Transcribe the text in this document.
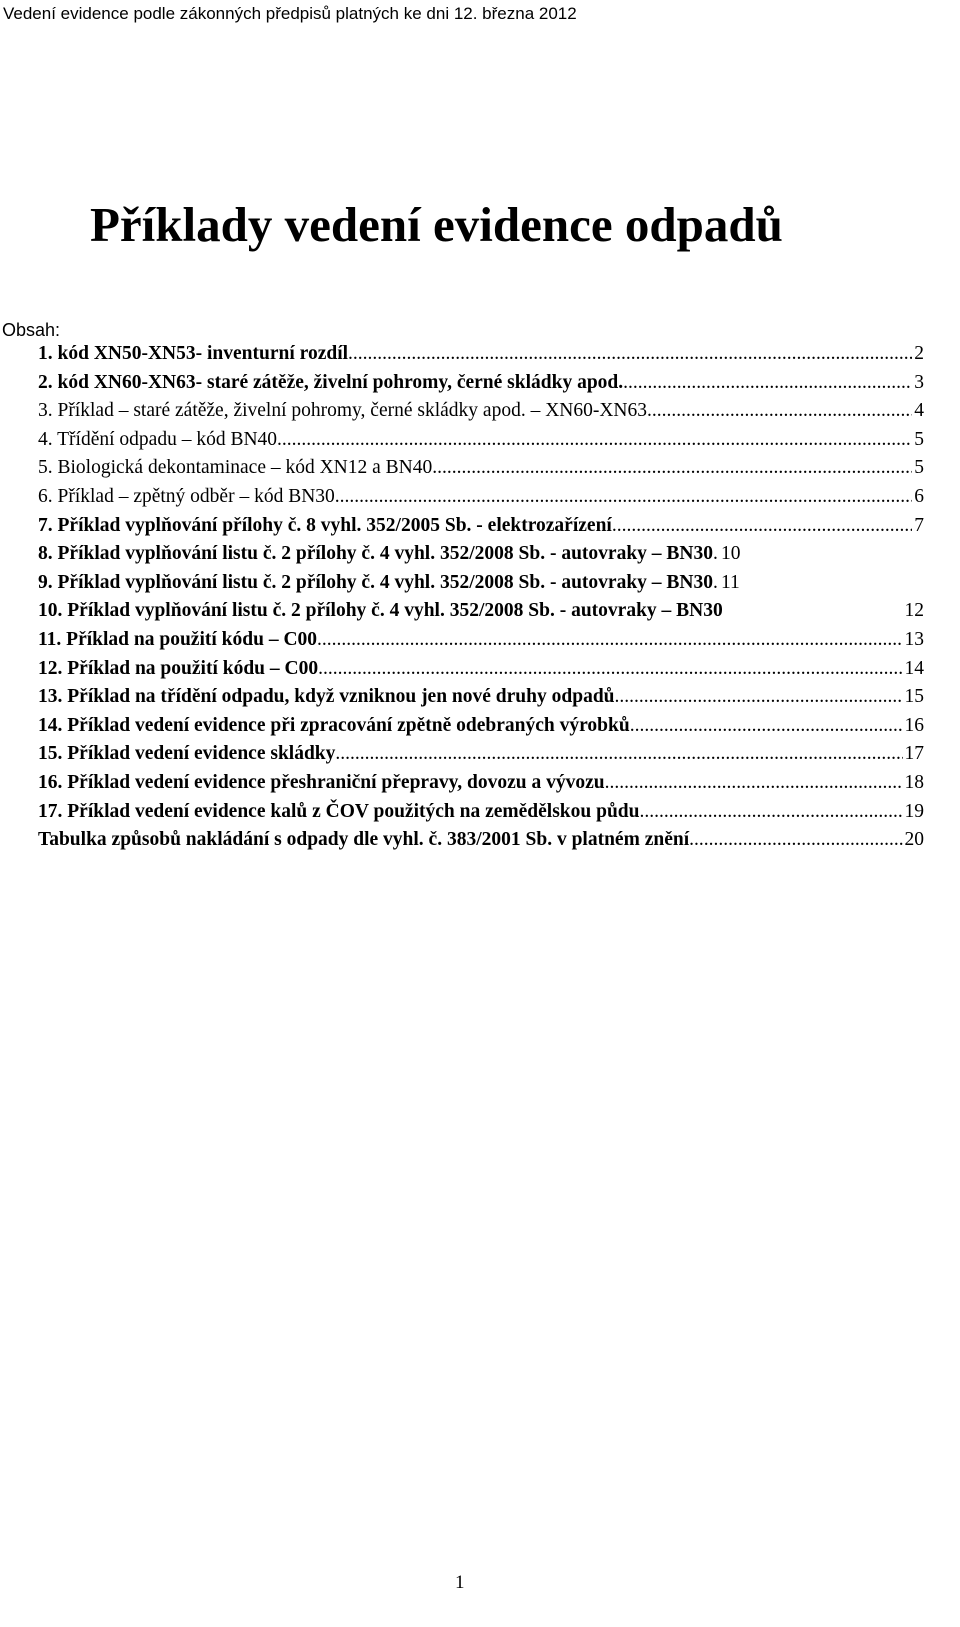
Vedení evidence podle zákonných předpisů platných ke dni 12. března 2012
Příklady vedení evidence odpadů
Obsah:
1. kód XN50-XN53- inventurní rozdíl .....	2
2. kód XN60-XN63- staré zátěže, živelní pohromy, černé skládky apod. .....	3
3. Příklad – staré zátěže, živelní pohromy, černé skládky apod. – XN60-XN63 .....	4
4. Třídění odpadu – kód BN40 .....	5
5. Biologická dekontaminace – kód XN12 a BN40 .....	5
6. Příklad – zpětný odběr – kód BN30 .....	6
7. Příklad vyplňování přílohy č. 8 vyhl. 352/2005 Sb. - elektrozařízení .....	7
8. Příklad vyplňování listu č. 2 přílohy č. 4 vyhl. 352/2008 Sb. - autovraky – BN30 . 10
9. Příklad vyplňování listu č. 2 přílohy č. 4 vyhl. 352/2008 Sb. - autovraky – BN30 . 11
10. Příklad vyplňování listu č. 2 přílohy č. 4 vyhl. 352/2008 Sb. - autovraky – BN30	12
11. Příklad na použití kódu – C00 .....	13
12. Příklad na použití kódu – C00 .....	14
13. Příklad na třídění odpadu, když vzniknou jen nové druhy odpadů .....	15
14. Příklad vedení evidence při zpracování zpětně odebraných výrobků .....	16
15. Příklad vedení evidence skládky .....	17
16. Příklad vedení evidence přeshraniční přepravy, dovozu a vývozu .....	18
17. Příklad vedení evidence kalů z ČOV použitých na zemědělskou půdu .....	19
Tabulka způsobů nakládání s odpady dle vyhl. č. 383/2001 Sb. v platném znění .....	20
1
